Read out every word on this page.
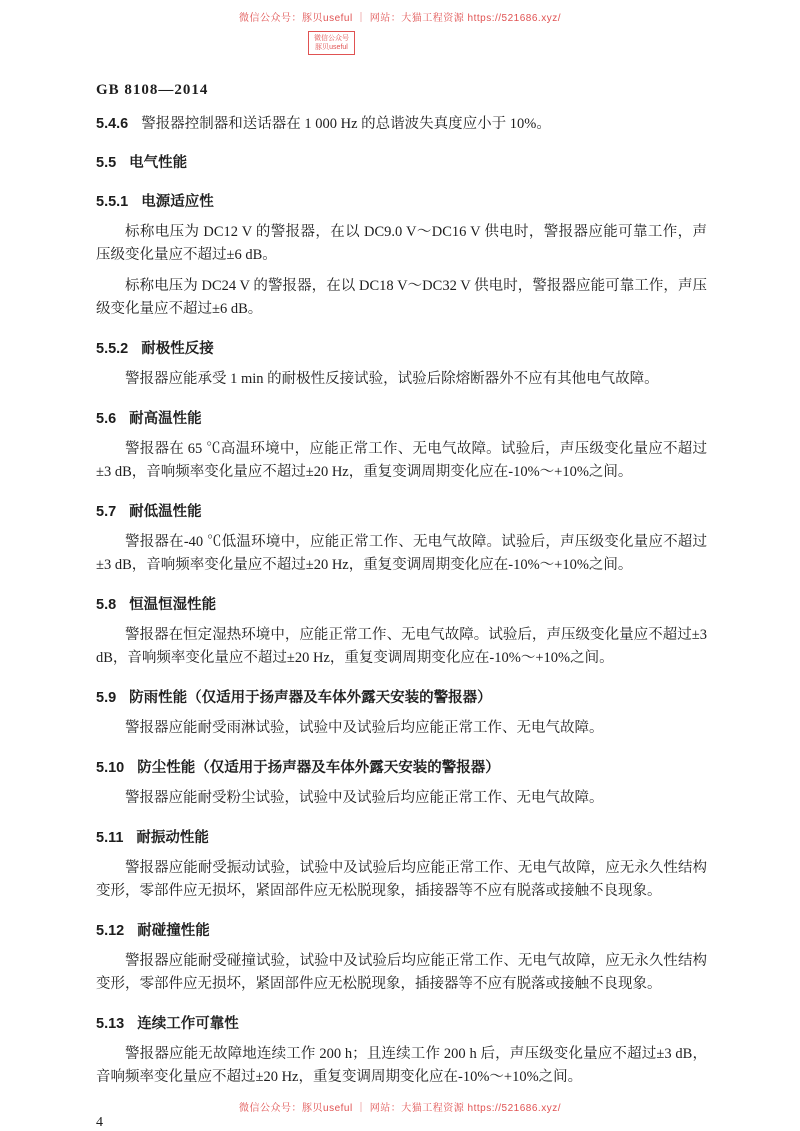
微信公众号：豚贝useful ｜ 网站：大猫工程资源 https://521686.xyz/
微信公众号
豚贝useful

GB 8108—2014

5.4.6 警报器控制器和送话器在 1 000 Hz 的总谐波失真度应小于 10%。

5.5 电气性能

5.5.1 电源适应性

标称电压为 DC12 V 的警报器，在以 DC9.0 V～DC16 V 供电时，警报器应能可靠工作，声压级变化量应不超过±6 dB。

标称电压为 DC24 V 的警报器，在以 DC18 V～DC32 V 供电时，警报器应能可靠工作，声压级变化量应不超过±6 dB。

5.5.2 耐极性反接

警报器应能承受 1 min 的耐极性反接试验，试验后除熔断器外不应有其他电气故障。

5.6 耐高温性能

警报器在 65 ℃高温环境中，应能正常工作、无电气故障。试验后，声压级变化量应不超过±3 dB，音响频率变化量应不超过±20 Hz，重复变调周期变化应在-10%～+10%之间。

5.7 耐低温性能

警报器在-40 ℃低温环境中，应能正常工作、无电气故障。试验后，声压级变化量应不超过±3 dB，音响频率变化量应不超过±20 Hz，重复变调周期变化应在-10%～+10%之间。

5.8 恒温恒湿性能

警报器在恒定湿热环境中，应能正常工作、无电气故障。试验后，声压级变化量应不超过±3 dB，音响频率变化量应不超过±20 Hz，重复变调周期变化应在-10%～+10%之间。

5.9 防雨性能（仅适用于扬声器及车体外露天安装的警报器）

警报器应能耐受雨淋试验，试验中及试验后均应能正常工作、无电气故障。

5.10 防尘性能（仅适用于扬声器及车体外露天安装的警报器）

警报器应能耐受粉尘试验，试验中及试验后均应能正常工作、无电气故障。

5.11 耐振动性能

警报器应能耐受振动试验，试验中及试验后均应能正常工作、无电气故障，应无永久性结构变形，零部件应无损坏，紧固部件应无松脱现象，插接器等不应有脱落或接触不良现象。

5.12 耐碰撞性能

警报器应能耐受碰撞试验，试验中及试验后均应能正常工作、无电气故障，应无永久性结构变形，零部件应无损坏，紧固部件应无松脱现象，插接器等不应有脱落或接触不良现象。

5.13 连续工作可靠性

警报器应能无故障地连续工作 200 h；且连续工作 200 h 后，声压级变化量应不超过±3 dB，音响频率变化量应不超过±20 Hz，重复变调周期变化应在-10%～+10%之间。

4

微信公众号：豚贝useful ｜ 网站：大猫工程资源 https://521686.xyz/
